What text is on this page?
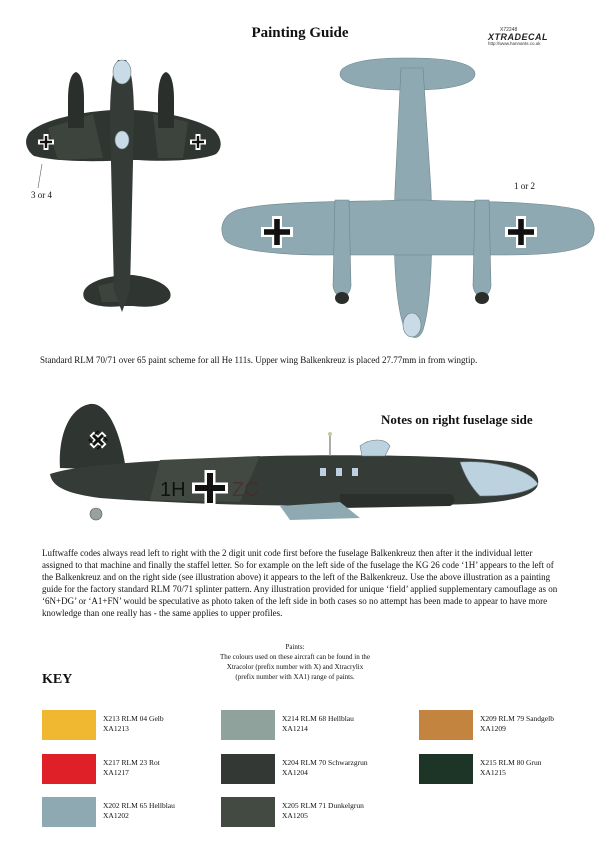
Painting Guide	X72248
XTRADECAL
http://www.hannants.co.uk
3 or 4
1 or 2
Standard RLM 70/71 over 65 paint scheme for all He 111s. Upper wing Balkenkreuz is placed 27.77mm in from wingtip.
Notes on right fuselage side
1H ZC
Luftwaffe codes always read left to right with the 2 digit unit code first before the fuselage Balkenkreuz then after it the individual letter assigned to that machine and finally the staffel letter. So for example on the left side of the fuselage the KG 26 code ‘1H’ appears to the left of the Balkenkreuz and on the right side (see illustration above) it appears to the left of the Balkenkreuz. Use the above illustration as a painting guide for the factory standard RLM 70/71 splinter pattern. Any illustration provided for unique ‘field’ applied supplementary camouflage as on ‘6N+DG’ or ‘A1+FN’ would be speculative as photo taken of the left side in both cases so no attempt has been made to appear to have more knowledge than one really has - the same applies to upper profiles.
Paints:
The colours used on these aircraft can be found in the
Xtracolor (prefix number with X) and Xtracrylix
(prefix number with XA1) range of paints.
KEY
X213 RLM 04 Gelb
XA1213
X217 RLM 23 Rot
XA1217
X202 RLM 65 Hellblau
XA1202
X214 RLM 68 Hellblau
XA1214
X204 RLM 70 Schwarzgrun
XA1204
X205 RLM 71 Dunkelgrun
XA1205
X209 RLM 79 Sandgelb
XA1209
X215 RLM 80 Grun
XA1215
